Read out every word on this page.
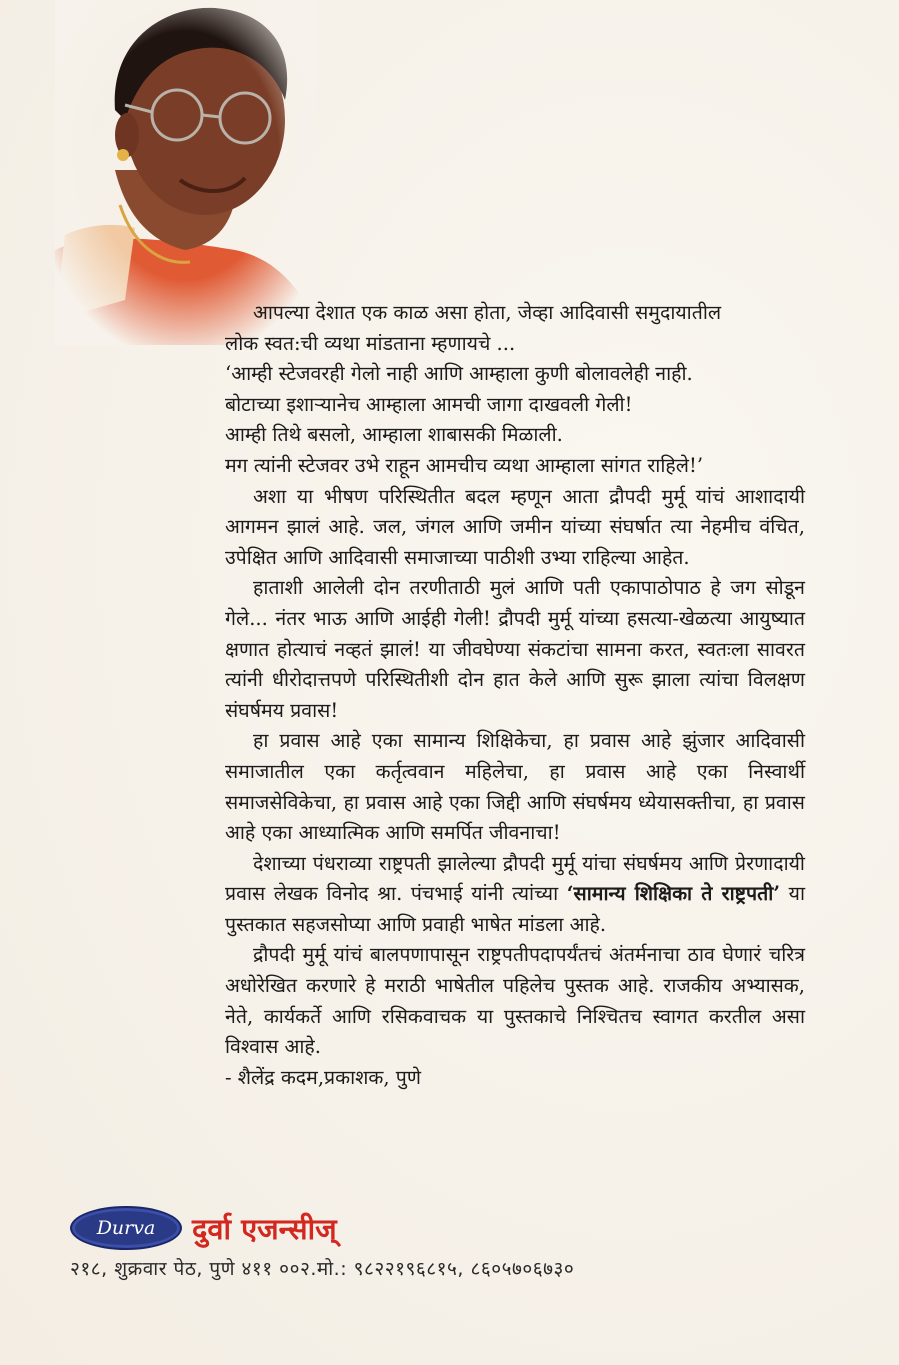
आपल्या देशात एक काळ असा होता, जेव्हा आदिवासी समुदायातील

लोक स्वत:ची व्यथा मांडताना म्हणायचे ...

‘आम्ही स्टेजवरही गेलो नाही आणि आम्हाला कुणी बोलावलेही नाही.

बोटाच्या इशाऱ्यानेच आम्हाला आमची जागा दाखवली गेली!

आम्ही तिथे बसलो, आम्हाला शाबासकी मिळाली.

मग त्यांनी स्टेजवर उभे राहून आमचीच व्यथा आम्हाला सांगत राहिले!’

अशा या भीषण परिस्थितीत बदल म्हणून आता द्रौपदी मुर्मू यांचं आशादायी आगमन झालं आहे. जल, जंगल आणि जमीन यांच्या संघर्षात त्या नेहमीच वंचित, उपेक्षित आणि आदिवासी समाजाच्या पाठीशी उभ्या राहिल्या आहेत.

हाताशी आलेली दोन तरणीताठी मुलं आणि पती एकापाठोपाठ हे जग सोडून गेले... नंतर भाऊ आणि आईही गेली! द्रौपदी मुर्मू यांच्या हसत्या-खेळत्या आयुष्यात क्षणात होत्याचं नव्हतं झालं! या जीवघेण्या संकटांचा सामना करत, स्वतःला सावरत त्यांनी धीरोदात्तपणे परिस्थितीशी दोन हात केले आणि सुरू झाला त्यांचा विलक्षण संघर्षमय प्रवास!

हा प्रवास आहे एका सामान्य शिक्षिकेचा, हा प्रवास आहे झुंजार आदिवासी समाजातील एका कर्तृत्ववान महिलेचा, हा प्रवास आहे एका निस्वार्थी समाजसेविकेचा, हा प्रवास आहे एका जिद्दी आणि संघर्षमय ध्येयासक्तीचा, हा प्रवास आहे एका आध्यात्मिक आणि समर्पित जीवनाचा!

देशाच्या पंधराव्या राष्ट्रपती झालेल्या द्रौपदी मुर्मू यांचा संघर्षमय आणि प्रेरणादायी प्रवास लेखक विनोद श्रा. पंचभाई यांनी त्यांच्या ‘सामान्य शिक्षिका ते राष्ट्रपती’ या पुस्तकात सहजसोप्या आणि प्रवाही भाषेत मांडला आहे.

द्रौपदी मुर्मू यांचं बालपणापासून राष्ट्रपतीपदापर्यंतचं अंतर्मनाचा ठाव घेणारं चरित्र अधोरेखित करणारे हे मराठी भाषेतील पहिलेच पुस्तक आहे. राजकीय अभ्यासक, नेते, कार्यकर्ते आणि रसिकवाचक या पुस्तकाचे निश्चितच स्वागत करतील असा विश्वास आहे.

- शैलेंद्र कदम,प्रकाशक, पुणे

Durva	दुर्वा एजन्सीज्
२१८, शुक्रवार पेठ, पुणे ४११ ००२.मो.: ९८२२१९६८१५, ८६०५७०६७३०
